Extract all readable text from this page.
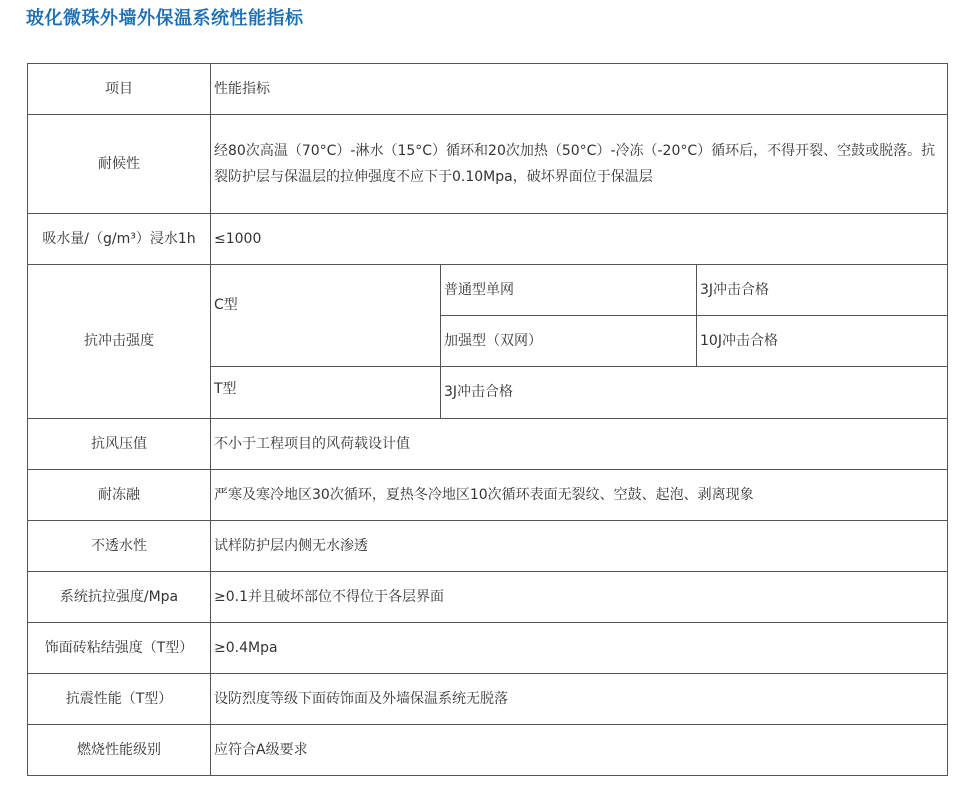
玻化微珠外墙外保温系统性能指标
项目	性能指标		
耐候性	经80次高温（70°C）-淋水（15°C）循环和20次加热（50°C）-冷冻（-20°C）循环后，不得开裂、空鼓或脱落。抗裂防护层与保温层的拉伸强度不应下于0.10Mpa，破坏界面位于保温层		
吸水量/（g/m³）浸水1h	≤1000		
抗冲击强度	C型	普通型单网	3J冲击合格
		加强型（双网）	10J冲击合格

	T型	3J冲击合格	
抗风压值	不小于工程项目的风荷载设计值		
耐冻融	严寒及寒冷地区30次循环，夏热冬冷地区10次循环表面无裂纹、空鼓、起泡、剥离现象		
不透水性	试样防护层内侧无水渗透		
系统抗拉强度/Mpa	≥0.1并且破坏部位不得位于各层界面		
饰面砖粘结强度（T型）	≥0.4Mpa		
抗震性能（T型）	设防烈度等级下面砖饰面及外墙保温系统无脱落		
燃烧性能级别	应符合A级要求		
